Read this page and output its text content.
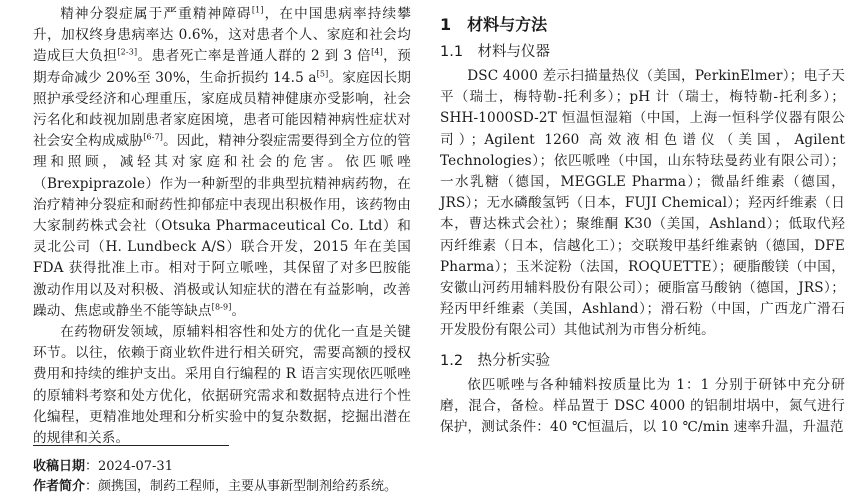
精神分裂症属于严重精神障碍[1]，在中国患病率持续攀升，加权终身患病率达 0.6%，这对患者个人、家庭和社会均造成巨大负担[2-3]。患者死亡率是普通人群的 2 到 3 倍[4]，预期寿命减少 20%至 30%，生命折损约 14.5 a[5]。家庭因长期照护承受经济和心理重压，家庭成员精神健康亦受影响，社会污名化和歧视加剧患者家庭困境，患者可能因精神病性症状对社会安全构成威胁[6-7]。因此，精神分裂症需要得到全方位的管理和照顾，减轻其对家庭和社会的危害。依匹哌唑（Brexpiprazole）作为一种新型的非典型抗精神病药物，在治疗精神分裂症和耐药性抑郁症中表现出积极作用，该药物由大家制药株式会社（Otsuka Pharmaceutical Co. Ltd）和灵北公司（H. Lundbeck A/S）联合开发，2015 年在美国 FDA 获得批准上市。相对于阿立哌唑，其保留了对多巴胺能激动作用以及对积极、消极或认知症状的潜在有益影响，改善躁动、焦虑或静坐不能等缺点[8-9]。

在药物研发领域，原辅料相容性和处方的优化一直是关键环节。以往，依赖于商业软件进行相关研究，需要高额的授权费用和持续的维护支出。采用自行编程的 R 语言实现依匹哌唑的原辅料考察和处方优化，依据研究需求和数据特点进行个性化编程，更精准地处理和分析实验中的复杂数据，挖掘出潜在的规律和关系。

收稿日期：2024-07-31
作者简介：颜携国，制药工程师，主要从事新型制剂给药系统。
1　材料与方法
1.1　材料与仪器

DSC 4000 差示扫描量热仪（美国，PerkinElmer）；电子天平（瑞士，梅特勒-托利多）；pH 计（瑞士，梅特勒-托利多）；SHH-1000SD-2T 恒温恒湿箱（中国，上海一恒科学仪器有限公司）；Agilent 1260 高效液相色谱仪（美国，Agilent Technologies）；依匹哌唑（中国，山东特珐曼药业有限公司）；一水乳糖（德国，MEGGLE Pharma）；微晶纤维素（德国，JRS）；无水磷酸氢钙（日本，FUJI Chemical）；羟丙纤维素（日本，曹达株式会社）；聚维酮 K30（美国，Ashland）；低取代羟丙纤维素（日本，信越化工）；交联羧甲基纤维素钠（德国，DFE Pharma）；玉米淀粉（法国，ROQUETTE）；硬脂酸镁（中国，安徽山河药用辅料股份有限公司）；硬脂富马酸钠（德国，JRS）；羟丙甲纤维素（美国，Ashland）；滑石粉（中国，广西龙广滑石开发股份有限公司）其他试剂为市售分析纯。

1.2　热分析实验

依匹哌唑与各种辅料按质量比为 1：1 分别于研钵中充分研磨，混合，备检。样品置于 DSC 4000 的铝制坩埚中，氮气进行保护，测试条件：40 ℃恒温后，以 10 ℃/min 速率升温，升温范
